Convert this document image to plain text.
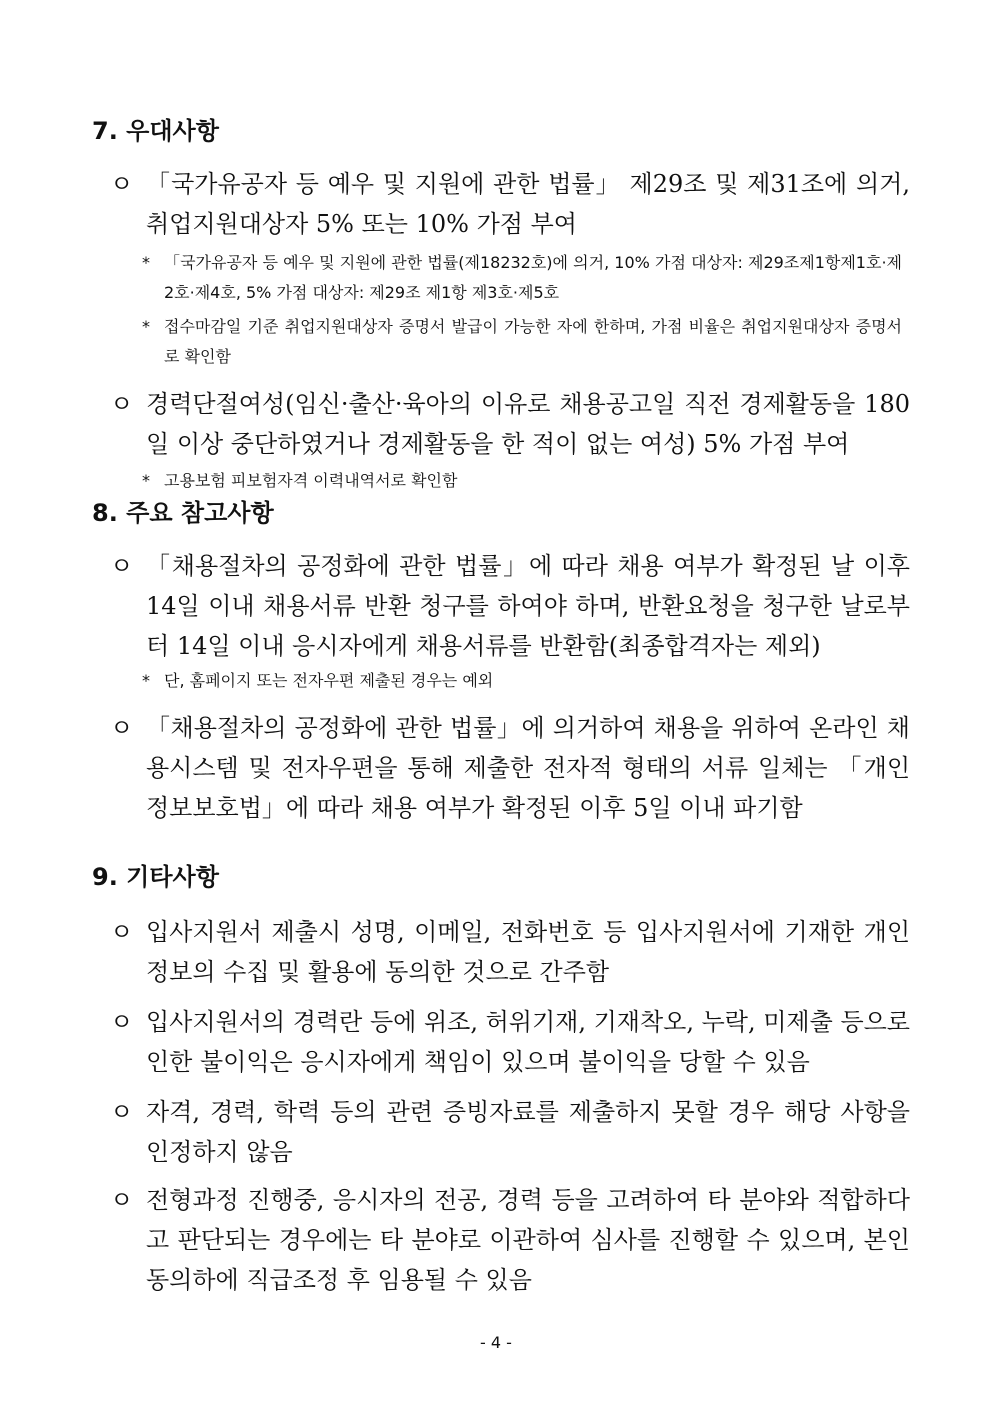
7. 우대사항
ㅇ 「국가유공자 등 예우 및 지원에 관한 법률」 제29조 및 제31조에 의거, 취업지원대상자 5% 또는 10% 가점 부여
* 「국가유공자 등 예우 및 지원에 관한 법률(제18232호)에 의거, 10% 가점 대상자: 제29조제1항제1호·제2호·제4호, 5% 가점 대상자: 제29조 제1항 제3호·제5호
* 접수마감일 기준 취업지원대상자 증명서 발급이 가능한 자에 한하며, 가점 비율은 취업지원대상자 증명서로 확인함
ㅇ 경력단절여성(임신·출산·육아의 이유로 채용공고일 직전 경제활동을 180일 이상 중단하였거나 경제활동을 한 적이 없는 여성) 5% 가점 부여
* 고용보험 피보험자격 이력내역서로 확인함
8. 주요 참고사항
ㅇ 「채용절차의 공정화에 관한 법률」에 따라 채용 여부가 확정된 날 이후 14일 이내 채용서류 반환 청구를 하여야 하며, 반환요청을 청구한 날로부터 14일 이내 응시자에게 채용서류를 반환함(최종합격자는 제외)
* 단, 홈페이지 또는 전자우편 제출된 경우는 예외
ㅇ 「채용절차의 공정화에 관한 법률」에 의거하여 채용을 위하여 온라인 채용시스템 및 전자우편을 통해 제출한 전자적 형태의 서류 일체는 「개인정보보호법」에 따라 채용 여부가 확정된 이후 5일 이내 파기함
9. 기타사항
ㅇ 입사지원서 제출시 성명, 이메일, 전화번호 등 입사지원서에 기재한 개인정보의 수집 및 활용에 동의한 것으로 간주함
ㅇ 입사지원서의 경력란 등에 위조, 허위기재, 기재착오, 누락, 미제출 등으로 인한 불이익은 응시자에게 책임이 있으며 불이익을 당할 수 있음
ㅇ 자격, 경력, 학력 등의 관련 증빙자료를 제출하지 못할 경우 해당 사항을 인정하지 않음
ㅇ 전형과정 진행중, 응시자의 전공, 경력 등을 고려하여 타 분야와 적합하다고 판단되는 경우에는 타 분야로 이관하여 심사를 진행할 수 있으며, 본인 동의하에 직급조정 후 임용될 수 있음
- 4 -
